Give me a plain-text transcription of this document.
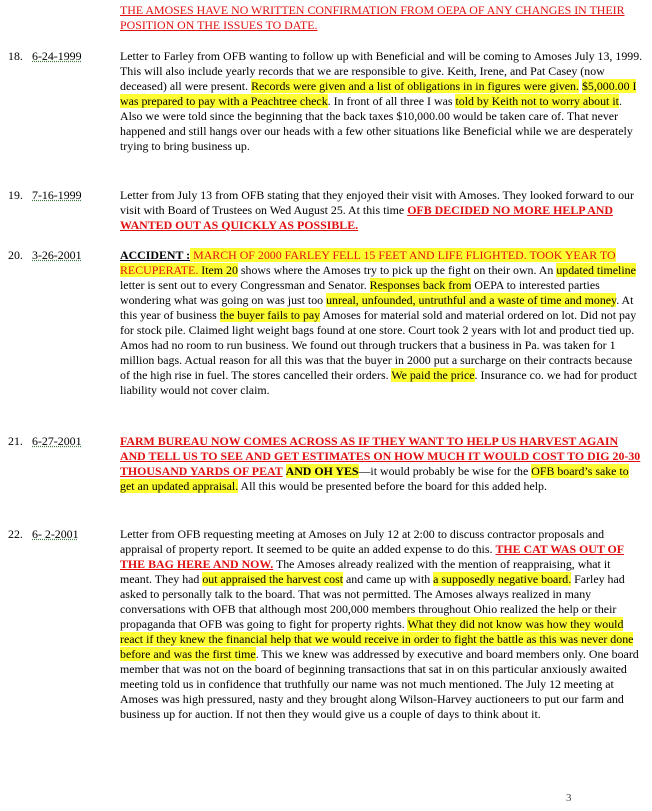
THE AMOSES HAVE NO WRITTEN CONFIRMATION FROM OEPA OF ANY CHANGES IN THEIR POSITION ON THE ISSUES TO DATE.
18. 6-24-1999	Letter to Farley from OFB wanting to follow up with Beneficial and will be coming to Amoses July 13, 1999. This will also include yearly records that we are responsible to give. Keith, Irene, and Pat Casey (now deceased) all were present. Records were given and a list of obligations in in figures were given. $5,000.00 I was prepared to pay with a Peachtree check. In front of all three I was told by Keith not to worry about it. Also we were told since the beginning that the back taxes $10,000.00 would be taken care of. That never happened and still hangs over our heads with a few other situations like Beneficial while we are desperately trying to bring business up.
19. 7-16-1999	Letter from July 13 from OFB stating that they enjoyed their visit with Amoses. They looked forward to our visit with Board of Trustees on Wed August 25. At this time OFB DECIDED NO MORE HELP AND WANTED OUT AS QUICKLY AS POSSIBLE.
20. 3-26-2001	ACCIDENT : MARCH OF 2000 FARLEY FELL 15 FEET AND LIFE FLIGHTED. TOOK YEAR TO RECUPERATE. Item 20 shows where the Amoses try to pick up the fight on their own. An updated timeline letter is sent out to every Congressman and Senator. Responses back from OEPA to interested parties wondering what was going on was just too unreal, unfounded, untruthful and a waste of time and money. At this year of business the buyer fails to pay Amoses for material sold and material ordered on lot. Did not pay for stock pile. Claimed light weight bags found at one store. Court took 2 years with lot and product tied up. Amos had no room to run business. We found out through truckers that a business in Pa. was taken for 1 million bags. Actual reason for all this was that the buyer in 2000 put a surcharge on their contracts because of the high rise in fuel. The stores cancelled their orders. We paid the price. Insurance co. we had for product liability would not cover claim.
21. 6-27-2001	FARM BUREAU NOW COMES ACROSS AS IF THEY WANT TO HELP US HARVEST AGAIN AND TELL US TO SEE AND GET ESTIMATES ON HOW MUCH IT WOULD COST TO DIG 20-30 THOUSAND YARDS OF PEAT AND OH YES—it would probably be wise for the OFB board’s sake to get an updated appraisal. All this would be presented before the board for this added help.
22. 6- 2-2001	Letter from OFB requesting meeting at Amoses on July 12 at 2:00 to discuss contractor proposals and appraisal of property report. It seemed to be quite an added expense to do this. THE CAT WAS OUT OF THE BAG HERE AND NOW. The Amoses already realized with the mention of reappraising, what it meant. They had out appraised the harvest cost and came up with a supposedly negative board. Farley had asked to personally talk to the board. That was not permitted. The Amoses always realized in many conversations with OFB that although most 200,000 members throughout Ohio realized the help or their propaganda that OFB was going to fight for property rights. What they did not know was how they would react if they knew the financial help that we would receive in order to fight the battle as this was never done before and was the first time. This we knew was addressed by executive and board members only. One board member that was not on the board of beginning transactions that sat in on this particular anxiously awaited meeting told us in confidence that truthfully our name was not much mentioned. The July 12 meeting at Amoses was high pressured, nasty and they brought along Wilson-Harvey auctioneers to put our farm and business up for auction. If not then they would give us a couple of days to think about it.
3
